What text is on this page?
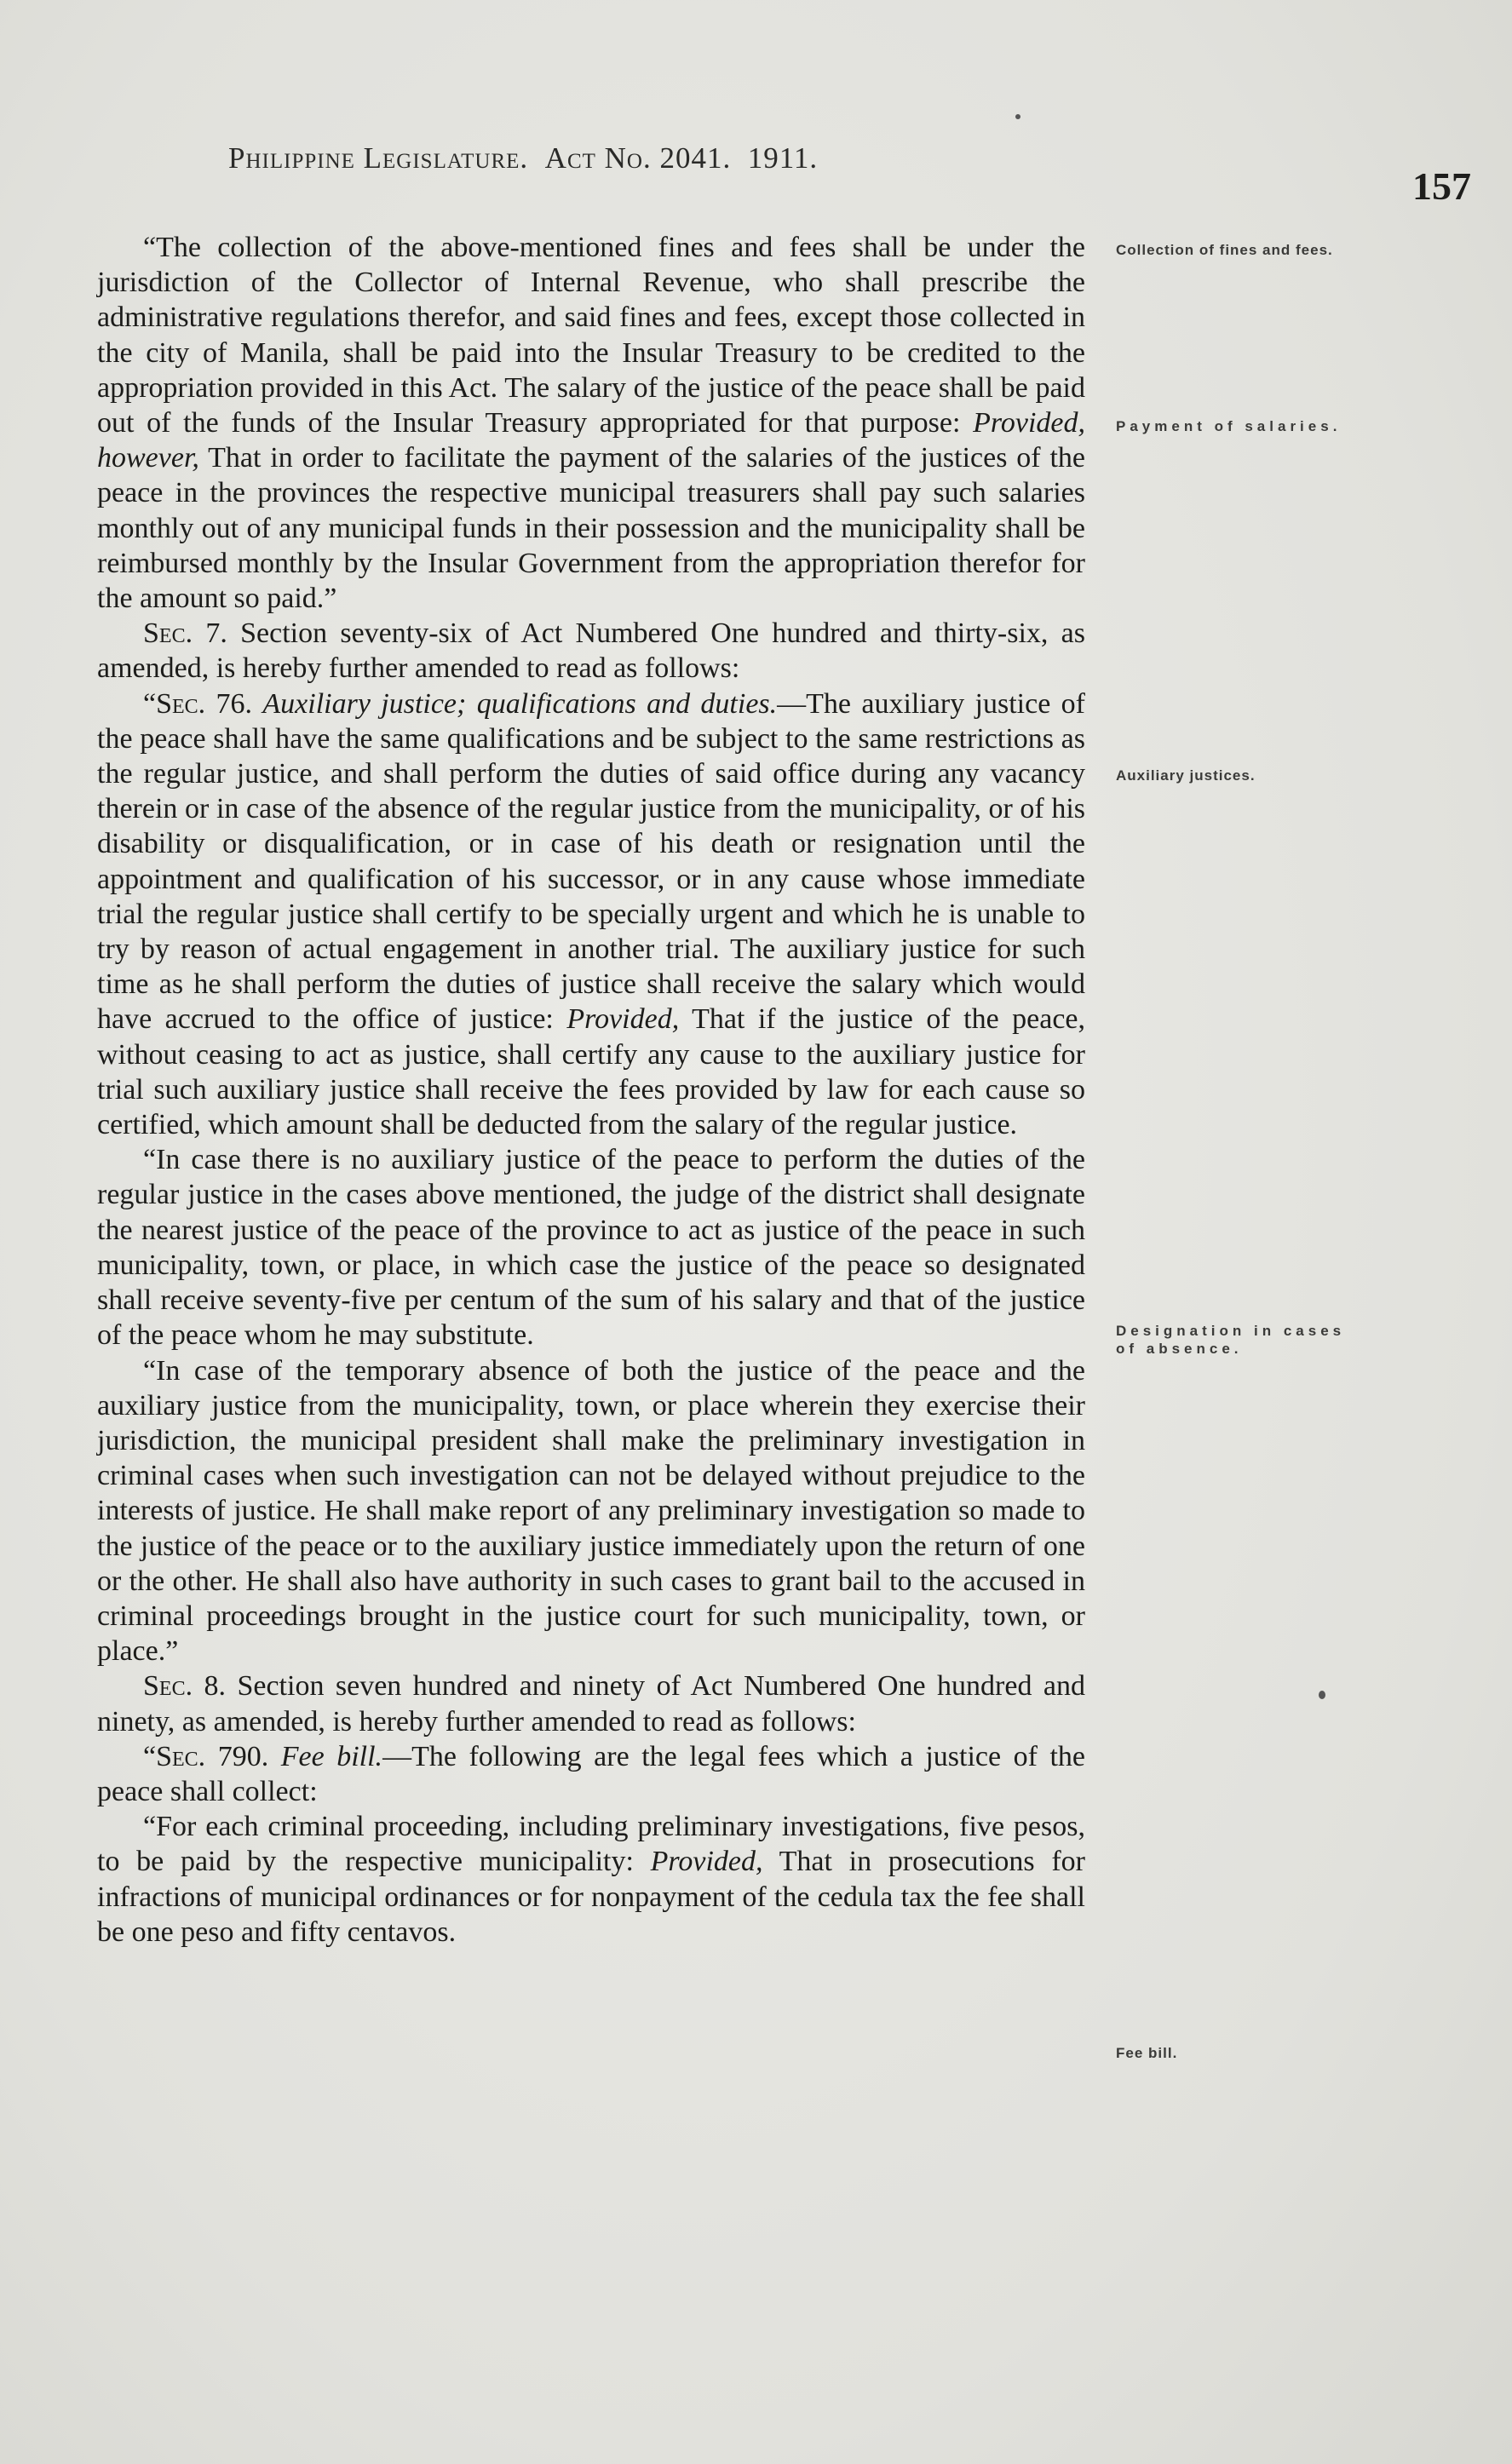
Philippine Legislature. Act No. 2041. 1911.
157

“The collection of the above-mentioned fines and fees shall be under the jurisdiction of the Collector of Internal Revenue, who shall prescribe the administrative regulations therefor, and said fines and fees, except those collected in the city of Manila, shall be paid into the Insular Treasury to be credited to the appropriation provided in this Act. The salary of the justice of the peace shall be paid out of the funds of the Insular Treasury appropriated for that purpose: Provided, however, That in order to facilitate the payment of the salaries of the justices of the peace in the provinces the respective municipal treasurers shall pay such salaries monthly out of any municipal funds in their possession and the municipality shall be reimbursed monthly by the Insular Government from the appropriation therefor for the amount so paid.”

Sec. 7. Section seventy-six of Act Numbered One hundred and thirty-six, as amended, is hereby further amended to read as follows:

“Sec. 76. Auxiliary justice; qualifications and duties.—The auxiliary justice of the peace shall have the same qualifications and be subject to the same restrictions as the regular justice, and shall perform the duties of said office during any vacancy therein or in case of the absence of the regular justice from the municipality, or of his disability or disqualification, or in case of his death or resignation until the appointment and qualification of his successor, or in any cause whose immediate trial the regular justice shall certify to be specially urgent and which he is unable to try by reason of actual engagement in another trial. The auxiliary justice for such time as he shall perform the duties of justice shall receive the salary which would have accrued to the office of justice: Provided, That if the justice of the peace, without ceasing to act as justice, shall certify any cause to the auxiliary justice for trial such auxiliary justice shall receive the fees provided by law for each cause so certified, which amount shall be deducted from the salary of the regular justice.

“In case there is no auxiliary justice of the peace to perform the duties of the regular justice in the cases above mentioned, the judge of the district shall designate the nearest justice of the peace of the province to act as justice of the peace in such municipality, town, or place, in which case the justice of the peace so designated shall receive seventy-five per centum of the sum of his salary and that of the justice of the peace whom he may substitute.

“In case of the temporary absence of both the justice of the peace and the auxiliary justice from the municipality, town, or place wherein they exercise their jurisdiction, the municipal president shall make the preliminary investigation in criminal cases when such investigation can not be delayed without prejudice to the interests of justice. He shall make report of any preliminary investigation so made to the justice of the peace or to the auxiliary justice immediately upon the return of one or the other. He shall also have authority in such cases to grant bail to the accused in criminal proceedings brought in the justice court for such municipality, town, or place.”

Sec. 8. Section seven hundred and ninety of Act Numbered One hundred and ninety, as amended, is hereby further amended to read as follows:

“Sec. 790. Fee bill.—The following are the legal fees which a justice of the peace shall collect:

“For each criminal proceeding, including preliminary investigations, five pesos, to be paid by the respective municipality: Provided, That in prosecutions for infractions of municipal ordinances or for nonpayment of the cedula tax the fee shall be one peso and fifty centavos.

Collection of fines and fees.
Payment of salaries.
Auxiliary justices.
Designation in cases of absence.
Fee bill.
